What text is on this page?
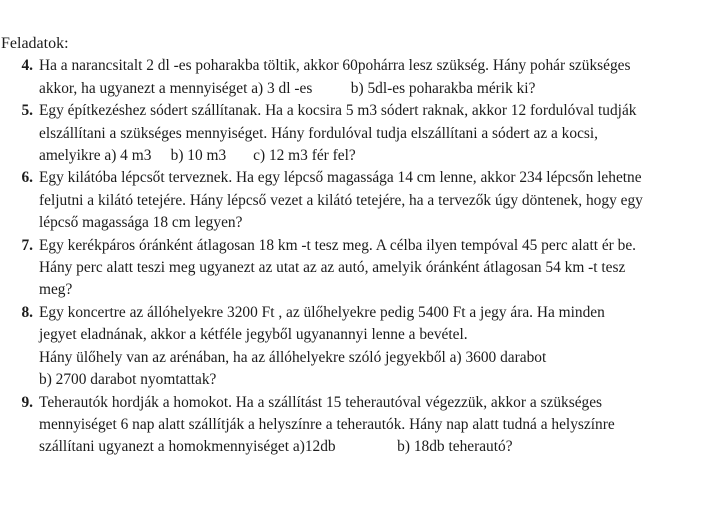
Feladatok:
4. Ha a narancsitalt 2 dl -es poharakba töltik, akkor 60pohárra lesz szükség. Hány pohár szükséges
akkor, ha ugyanezt a mennyiséget a) 3 dl -es          b) 5dl-es poharakba mérik ki?
5. Egy építkezéshez sódert szállítanak. Ha a kocsira 5 m3 sódert raknak, akkor 12 fordulóval tudják
elszállítani a szükséges mennyiséget. Hány fordulóval tudja elszállítani a sódert az a kocsi,
amelyikre a) 4 m3     b) 10 m3       c) 12 m3 fér fel?
6. Egy kilátóba lépcsőt terveznek. Ha egy lépcső magassága 14 cm lenne, akkor 234 lépcsőn lehetne
feljutni a kilátó tetejére. Hány lépcső vezet a kilátó tetejére, ha a tervezők úgy döntenek, hogy egy
lépcső magassága 18 cm legyen?
7. Egy kerékpáros óránként átlagosan 18 km -t tesz meg. A célba ilyen tempóval 45 perc alatt ér be.
Hány perc alatt teszi meg ugyanezt az utat az az autó, amelyik óránként átlagosan 54 km -t tesz
meg?
8. Egy koncertre az állóhelyekre 3200 Ft , az ülőhelyekre pedig 5400 Ft a jegy ára. Ha minden
jegyet eladnának, akkor a kétféle jegyből ugyanannyi lenne a bevétel.
Hány ülőhely van az arénában, ha az állóhelyekre szóló jegyekből a) 3600 darabot
b) 2700 darabot nyomtattak?
9. Teherautók hordják a homokot. Ha a szállítást 15 teherautóval végezzük, akkor a szükséges
mennyiséget 6 nap alatt szállítják a helyszínre a teherautók. Hány nap alatt tudná a helyszínre
szállítani ugyanezt a homokmennyiséget a)12db                b) 18db teherautó?
